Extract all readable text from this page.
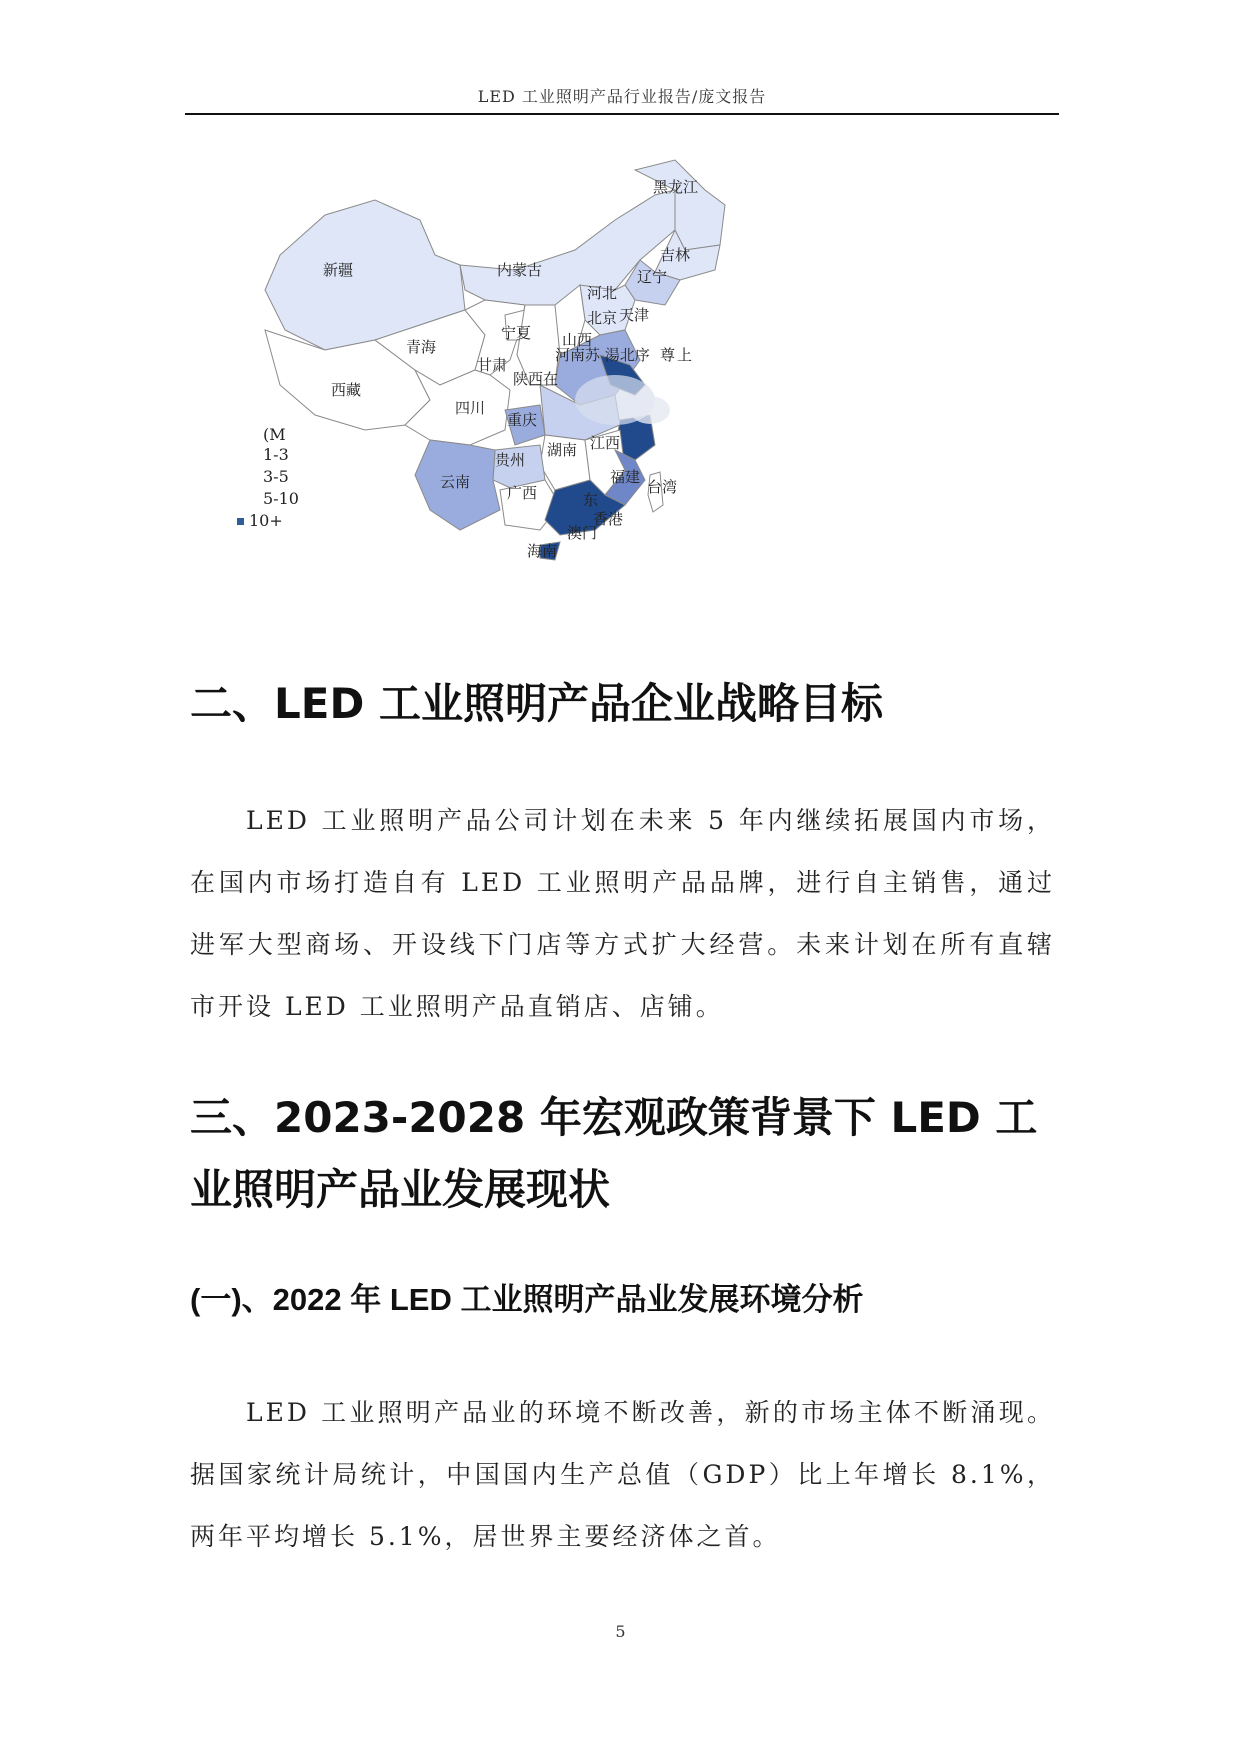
LED 工业照明产品行业报告/庞文报告
黑龙江
吉林
辽宁
内蒙古
新疆
河北
北京 天津
宁夏 山西
青海
甘肃
河南苏 湯北序 尊 上
陕西在
西藏
四川
重庆
湖南 江西
贵州
福建
台湾
云南
广西	东
香港
澳门
海南
(M
1-3
3-5
5-10
10+
二、LED 工业照明产品企业战略目标

LED 工业照明产品公司计划在未来 5 年内继续拓展国内市场，在国内市场打造自有 LED 工业照明产品品牌，进行自主销售，通过进军大型商场、开设线下门店等方式扩大经营。未来计划在所有直辖市开设 LED 工业照明产品直销店、店铺。

三、2023-2028 年宏观政策背景下 LED 工业照明产品业发展现状
(一)、2022 年 LED 工业照明产品业发展环境分析

LED 工业照明产品业的环境不断改善，新的市场主体不断涌现。据国家统计局统计，中国国内生产总值（GDP）比上年增长 8.1%，两年平均增长 5.1%，居世界主要经济体之首。

5
